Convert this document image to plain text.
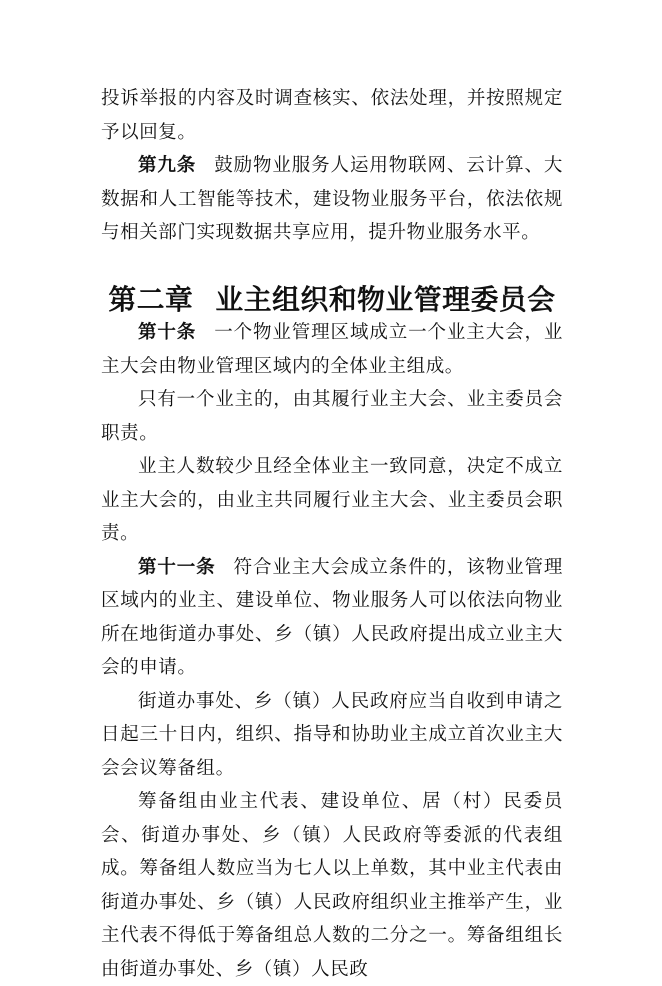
投诉举报的内容及时调查核实、依法处理，并按照规定予以回复。

第九条 鼓励物业服务人运用物联网、云计算、大数据和人工智能等技术，建设物业服务平台，依法依规与相关部门实现数据共享应用，提升物业服务水平。

第二章 业主组织和物业管理委员会

第十条 一个物业管理区域成立一个业主大会，业主大会由物业管理区域内的全体业主组成。

只有一个业主的，由其履行业主大会、业主委员会职责。

业主人数较少且经全体业主一致同意，决定不成立业主大会的，由业主共同履行业主大会、业主委员会职责。

第十一条 符合业主大会成立条件的，该物业管理区域内的业主、建设单位、物业服务人可以依法向物业所在地街道办事处、乡（镇）人民政府提出成立业主大会的申请。

街道办事处、乡（镇）人民政府应当自收到申请之日起三十日内，组织、指导和协助业主成立首次业主大会会议筹备组。

筹备组由业主代表、建设单位、居（村）民委员会、街道办事处、乡（镇）人民政府等委派的代表组成。筹备组人数应当为七人以上单数，其中业主代表由街道办事处、乡（镇）人民政府组织业主推举产生，业主代表不得低于筹备组总人数的二分之一。筹备组组长由街道办事处、乡（镇）人民政
